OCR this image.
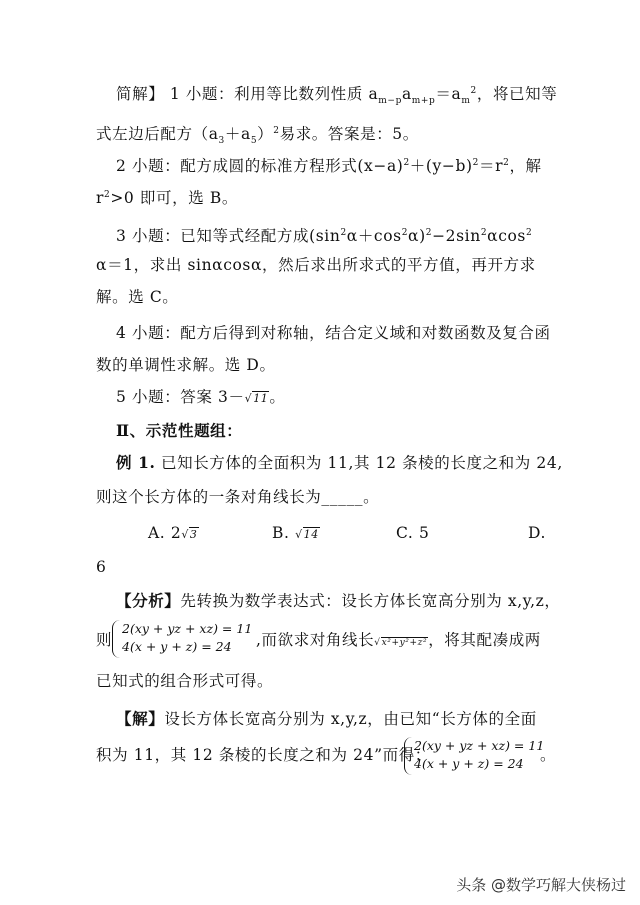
简解】 1 小题：利用等比数列性质 $a_{m-p}a_{m+p}=a_m^2$，将已知等
式左边后配方$(a_3+a_5)^2$易求。答案是：5。
2 小题：配方成圆的标准方程形式$(x-a)^2+(y-b)^2=r^2$，解
$r^2>0$ 即可，选 B。
3 小题：已知等式经配方成$(\sin^2\alpha+\cos^2\alpha)^2-2\sin^2\alpha\cos^2$
α＝1，求出 sinαcosα，然后求出所求式的平方值，再开方求
解。选 C。
4 小题：配方后得到对称轴，结合定义域和对数函数及复合函
数的单调性求解。选 D。
5 小题：答案 3－√11。
Ⅱ、示范性题组：
例 1. 已知长方体的全面积为 11,其 12 条棱的长度之和为 24,
则这个长方体的一条对角线长为_____。
A. 2√3	B. √14	C. 5	D.
6
【分析】先转换为数学表达式：设长方体长宽高分别为 x,y,z，
则
2(xy + yz + xz) = 11
4(x + y + z) = 24	,而欲求对角线长√x²+y²+z²，将其配凑成两
已知式的组合形式可得。
【解】设长方体长宽高分别为 x,y,z，由已知“长方体的全面
积为 11，其 12 条棱的长度之和为 24”而得：
2(xy + yz + xz) = 11
4(x + y + z) = 24	。
头条 @数学巧解大侠杨过
